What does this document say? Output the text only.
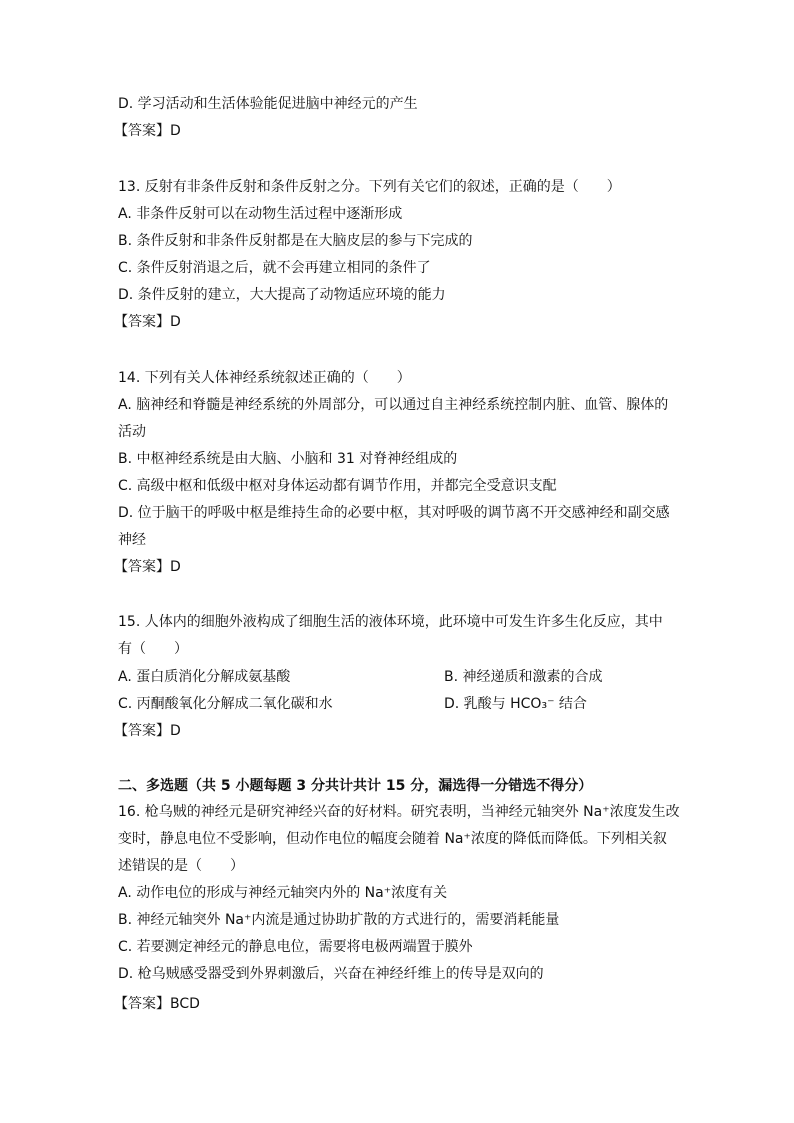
D. 学习活动和生活体验能促进脑中神经元的产生
【答案】D
13. 反射有非条件反射和条件反射之分。下列有关它们的叙述，正确的是（　　）
A. 非条件反射可以在动物生活过程中逐渐形成
B. 条件反射和非条件反射都是在大脑皮层的参与下完成的
C. 条件反射消退之后，就不会再建立相同的条件了
D. 条件反射的建立，大大提高了动物适应环境的能力
【答案】D
14. 下列有关人体神经系统叙述正确的（　　）
A. 脑神经和脊髓是神经系统的外周部分，可以通过自主神经系统控制内脏、血管、腺体的
活动
B. 中枢神经系统是由大脑、小脑和 31 对脊神经组成的
C. 高级中枢和低级中枢对身体运动都有调节作用，并都完全受意识支配
D. 位于脑干的呼吸中枢是维持生命的必要中枢，其对呼吸的调节离不开交感神经和副交感
神经
【答案】D
15. 人体内的细胞外液构成了细胞生活的液体环境，此环境中可发生许多生化反应，其中
有（　　）
A. 蛋白质消化分解成氨基酸	B. 神经递质和激素的合成
C. 丙酮酸氧化分解成二氧化碳和水	D. 乳酸与 HCO₃⁻ 结合
【答案】D
二、多选题（共 5 小题每题 3 分共计共计 15 分，漏选得一分错选不得分）
16. 枪乌贼的神经元是研究神经兴奋的好材料。研究表明，当神经元轴突外 Na⁺浓度发生改
变时，静息电位不受影响，但动作电位的幅度会随着 Na⁺浓度的降低而降低。下列相关叙
述错误的是（　　）
A. 动作电位的形成与神经元轴突内外的 Na⁺浓度有关
B. 神经元轴突外 Na⁺内流是通过协助扩散的方式进行的，需要消耗能量
C. 若要测定神经元的静息电位，需要将电极两端置于膜外
D. 枪乌贼感受器受到外界刺激后，兴奋在神经纤维上的传导是双向的
【答案】BCD
